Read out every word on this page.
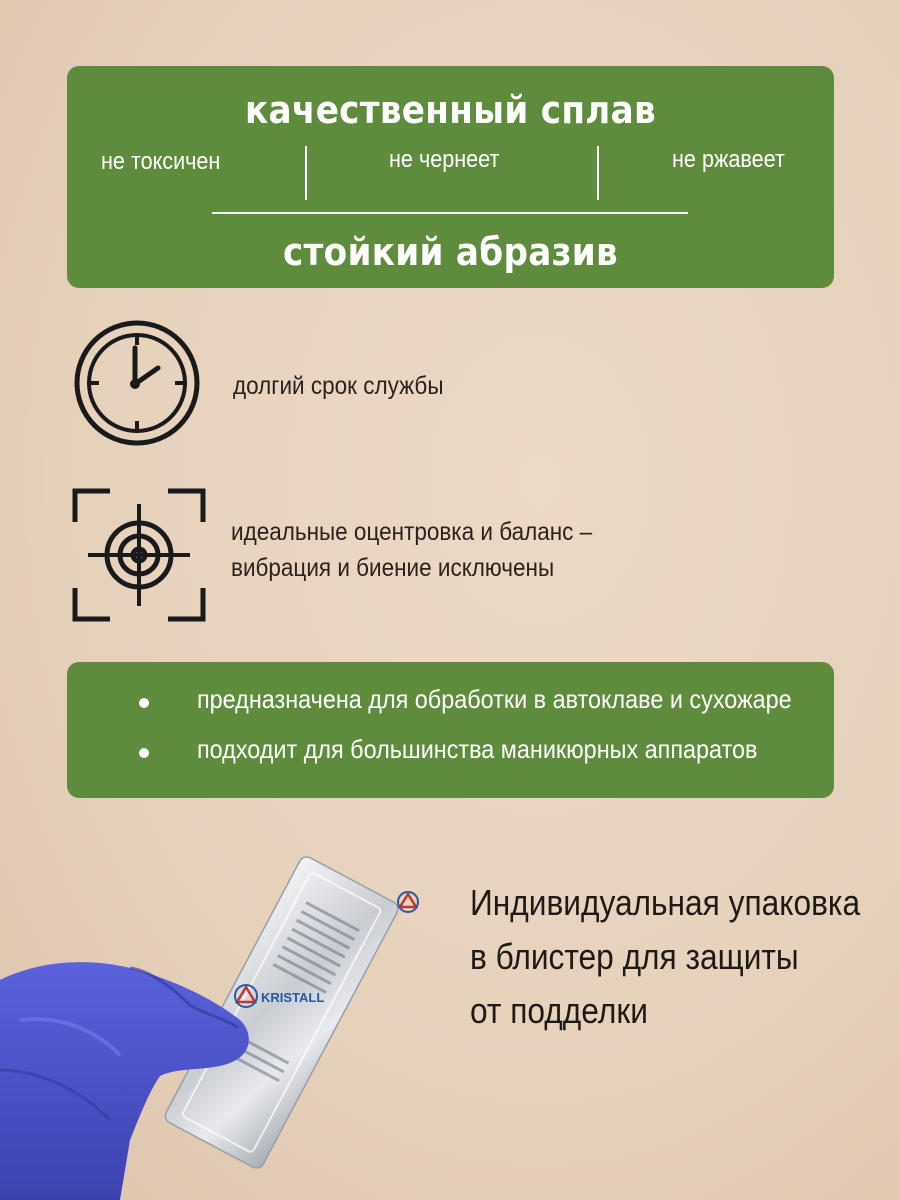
качественный сплав
не токсичен	не чернеет	не ржавеет
стойкий абразив
долгий срок службы
идеальные оцентровка и баланс –
вибрация и биение исключены
предназначена для обработки в автоклаве и сухожаре
подходит для большинства маникюрных аппаратов
KRISTALL
Индивидуальная упаковка
в блистер для защиты
от подделки
